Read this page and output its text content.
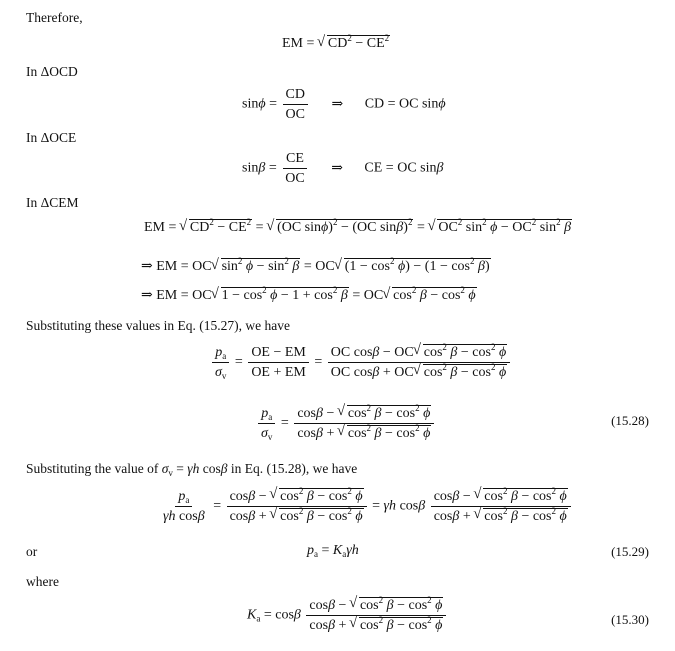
Therefore,
EM = √ $CD^2 - CE^2$
In ΔOCD
$\sin\phi = \frac{CD}{OC}$ ⇒ CD = OC sinϕ
In ΔOCE
$\sin\beta = \frac{CE}{OC}$ ⇒ CE = OC sinβ
In ΔCEM
EM = √ $CD^2 - CE^2$ = √ (OC sinϕ)$^2$ − (OC sinβ)$^2$ = √ $OC^2$ $\sin^2 \phi - OC^2$ $\sin^2 \beta$
⇒ EM = OC√ $\sin^2 \phi - \sin^2 \beta = OC√$ $(1 - \cos^2 \phi) - (1 - \cos^2 \beta)$
⇒ EM = OC√ $1 - \cos^2 \phi - 1 + \cos^2 \beta = OC√$ $\cos^2 \beta - \cos^2 \phi$
Substituting these values in Eq. (15.27), we have
$\frac{p_a}{\sigma_v} = \frac{OE - EM}{OE + EM} = \frac{OC \cos\beta - OC√ \cos^2 \beta - \cos^2 \phi}{OC \cos\beta + OC√ \cos^2 \beta - \cos^2 \phi}$
$\frac{p_a}{\sigma_v} = \frac{\cos\beta - √ \cos^2 \beta - \cos^2 \phi}{\cos\beta + √ \cos^2 \beta - \cos^2 \phi}$	(15.28)
Substituting the value of $\sigma_v = \gamma h$ cosβ in Eq. (15.28), we have
$\frac{p_a}{\text{γh cosβ}} = \frac{\cos\beta - √ \cos^2 \beta - \cos^2 \phi}{\cos\beta + √ \cos^2 \beta - \cos^2 \phi} = \gamma h$ cosβ $\frac{\cos\beta - √ \cos^2 \beta - \cos^2 \phi}{\cos\beta + √ \cos^2 \beta - \cos^2 \phi}$
or	$p_a = K_a\gamma h$	(15.29)
where
$K_a = \cos\beta \frac{\cos\beta - √ \cos^2 \beta - \cos^2 \phi}{\cos\beta + √ \cos^2 \beta - \cos^2 \phi}$	(15.30)
